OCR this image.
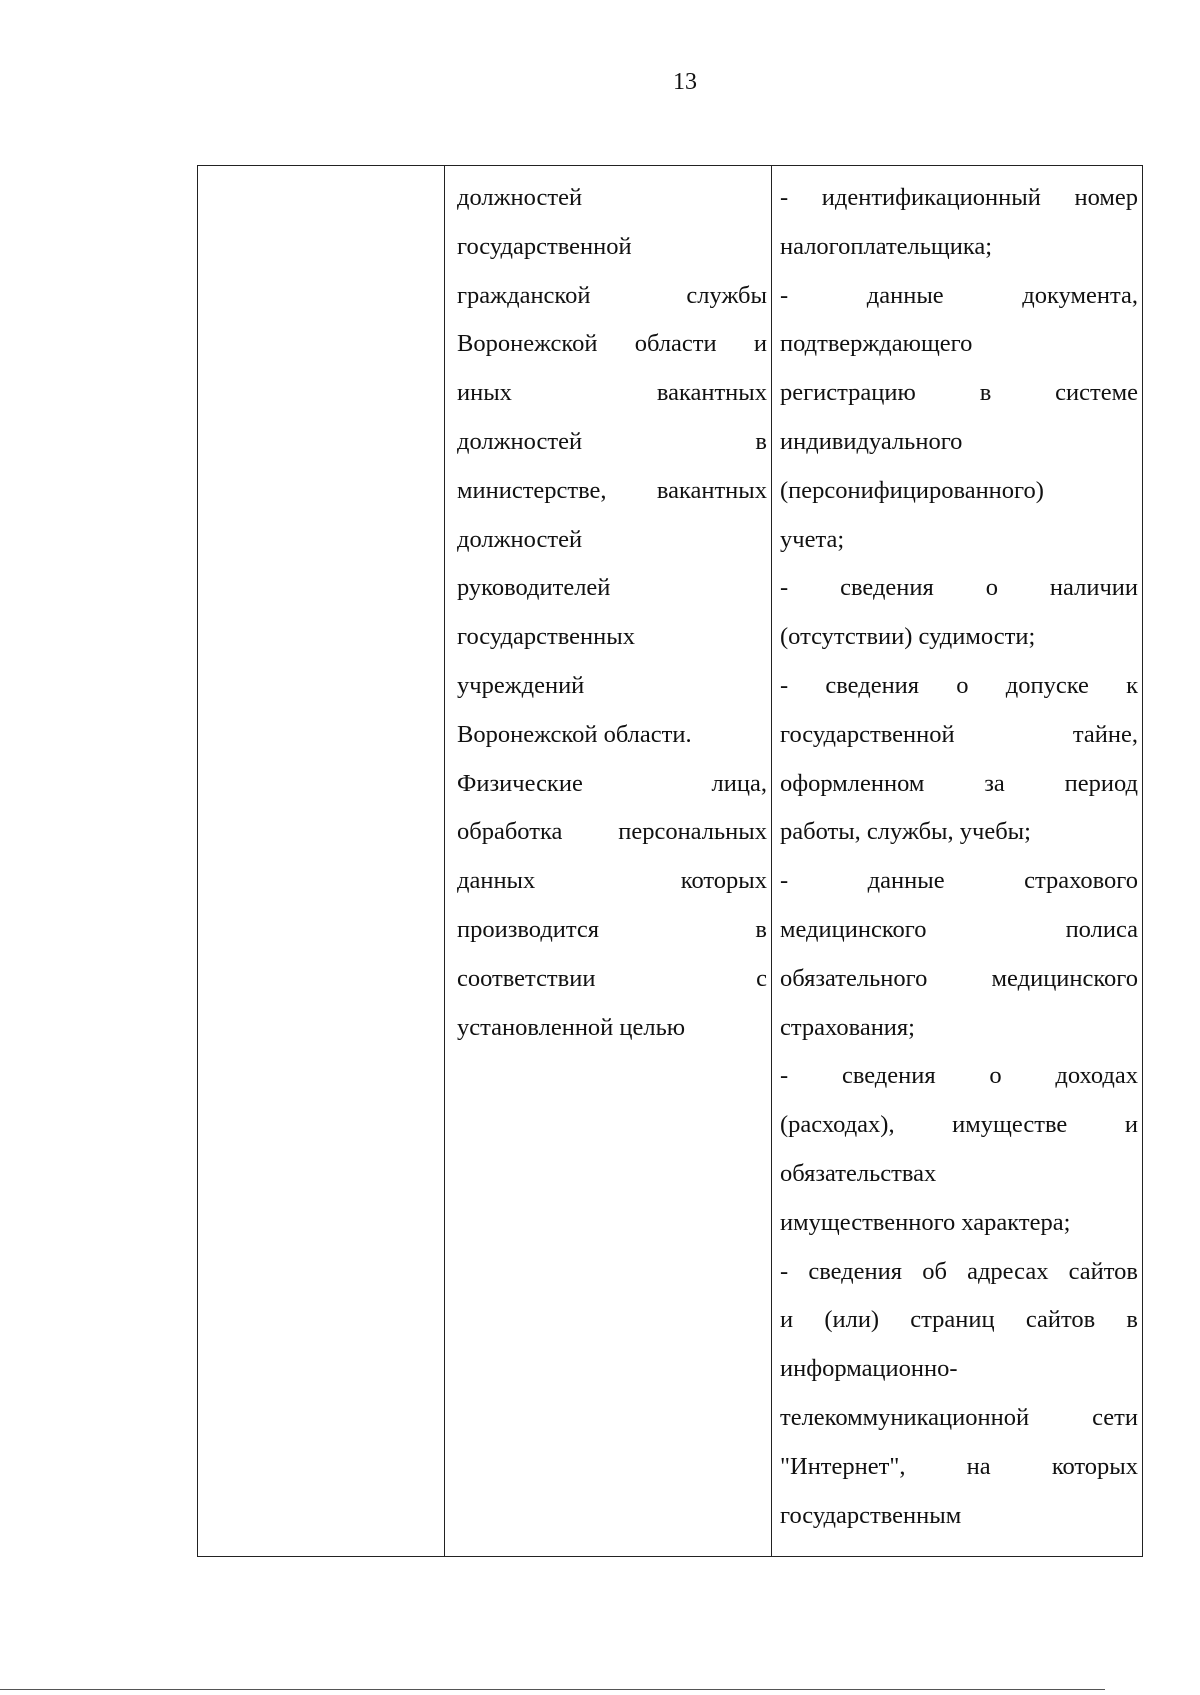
13
должностей
государственной
гражданской службы
Воронежской области и
иных вакантных
должностей в
министерстве, вакантных
должностей
руководителей
государственных
учреждений
Воронежской области.
Физические лица,
обработка персональных
данных которых
производится в
соответствии с
установленной целью
- идентификационный номер
налогоплательщика;
- данные документа,
подтверждающего
регистрацию в системе
индивидуального
(персонифицированного)
учета;
- сведения о наличии
(отсутствии) судимости;
- сведения о допуске к
государственной тайне,
оформленном за период
работы, службы, учебы;
- данные страхового
медицинского полиса
обязательного медицинского
страхования;
- сведения о доходах
(расходах), имуществе и
обязательствах
имущественного характера;
- сведения об адресах сайтов
и (или) страниц сайтов в
информационно-
телекоммуникационной сети
"Интернет", на которых
государственным
